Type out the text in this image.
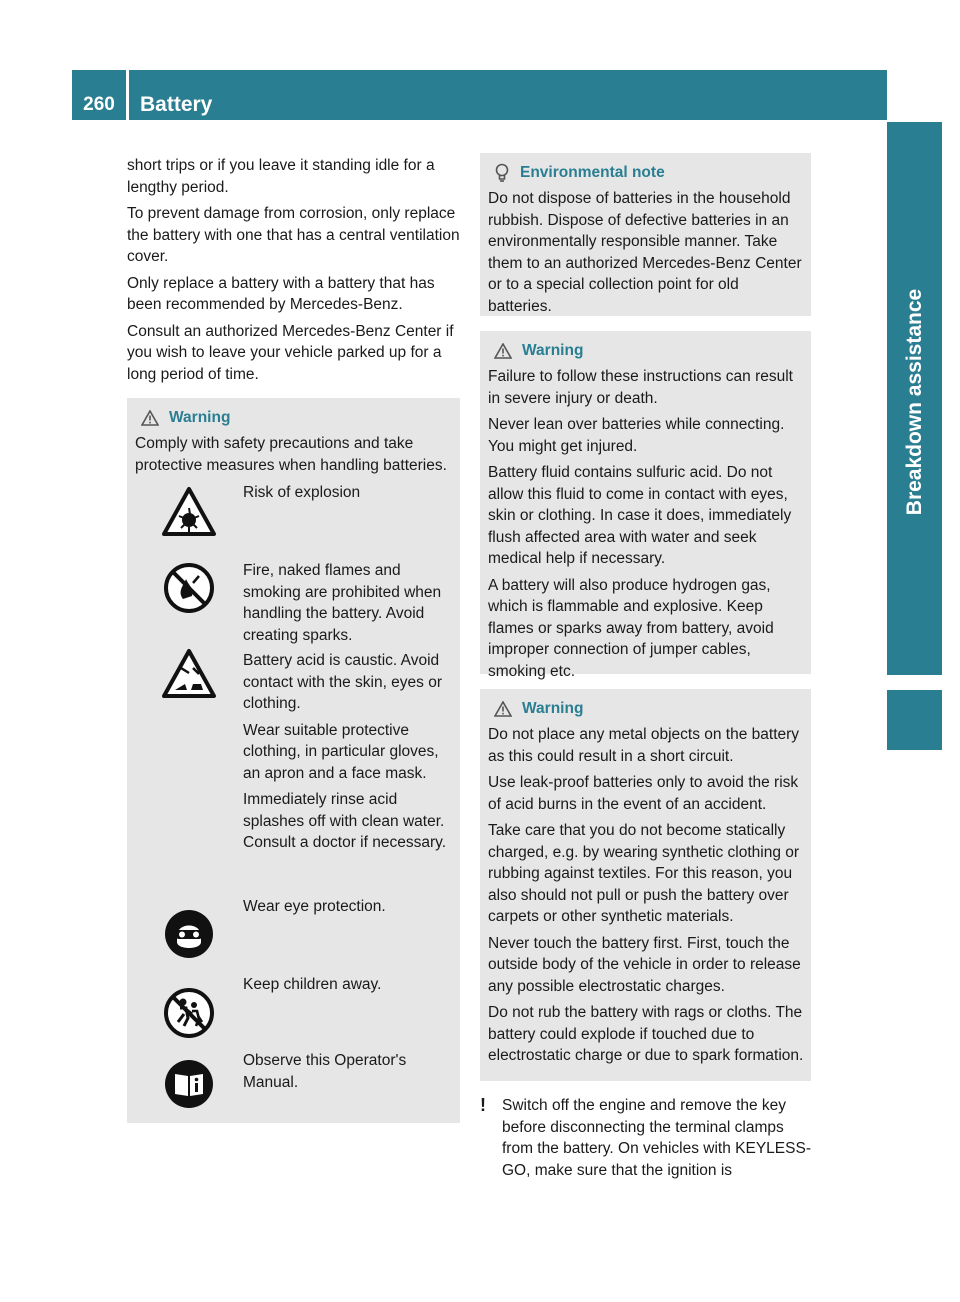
260	Battery
Breakdown assistance

short trips or if you leave it standing idle for a lengthy period.

To prevent damage from corrosion, only replace the battery with one that has a central ventilation cover.

Only replace a battery with a battery that has been recommended by Mercedes-Benz.

Consult an authorized Mercedes-Benz Center if you wish to leave your vehicle parked up for a long period of time.

Warning

Comply with safety precautions and take protective measures when handling batteries.

Risk of explosion

Fire, naked flames and smoking are prohibited when handling the battery. Avoid creating sparks.

Battery acid is caustic. Avoid contact with the skin, eyes or clothing.

Wear suitable protective clothing, in particular gloves, an apron and a face mask.

Immediately rinse acid splashes off with clean water. Consult a doctor if necessary.

Wear eye protection.

Keep children away.

Observe this Operator's Manual.

Environmental note

Do not dispose of batteries in the household rubbish. Dispose of defective batteries in an environmentally responsible manner. Take them to an authorized Mercedes-Benz Center or to a special collection point for old batteries.

Warning

Failure to follow these instructions can result in severe injury or death.

Never lean over batteries while connecting. You might get injured.

Battery fluid contains sulfuric acid. Do not allow this fluid to come in contact with eyes, skin or clothing. In case it does, immediately flush affected area with water and seek medical help if necessary.

A battery will also produce hydrogen gas, which is flammable and explosive. Keep flames or sparks away from battery, avoid improper connection of jumper cables, smoking etc.

Warning

Do not place any metal objects on the battery as this could result in a short circuit.

Use leak-proof batteries only to avoid the risk of acid burns in the event of an accident.

Take care that you do not become statically charged, e.g. by wearing synthetic clothing or rubbing against textiles. For this reason, you also should not pull or push the battery over carpets or other synthetic materials.

Never touch the battery first. First, touch the outside body of the vehicle in order to release any possible electrostatic charges.

Do not rub the battery with rags or cloths. The battery could explode if touched due to electrostatic charge or due to spark formation.

!	Switch off the engine and remove the key before disconnecting the terminal clamps from the battery. On vehicles with KEYLESS-GO, make sure that the ignition is
